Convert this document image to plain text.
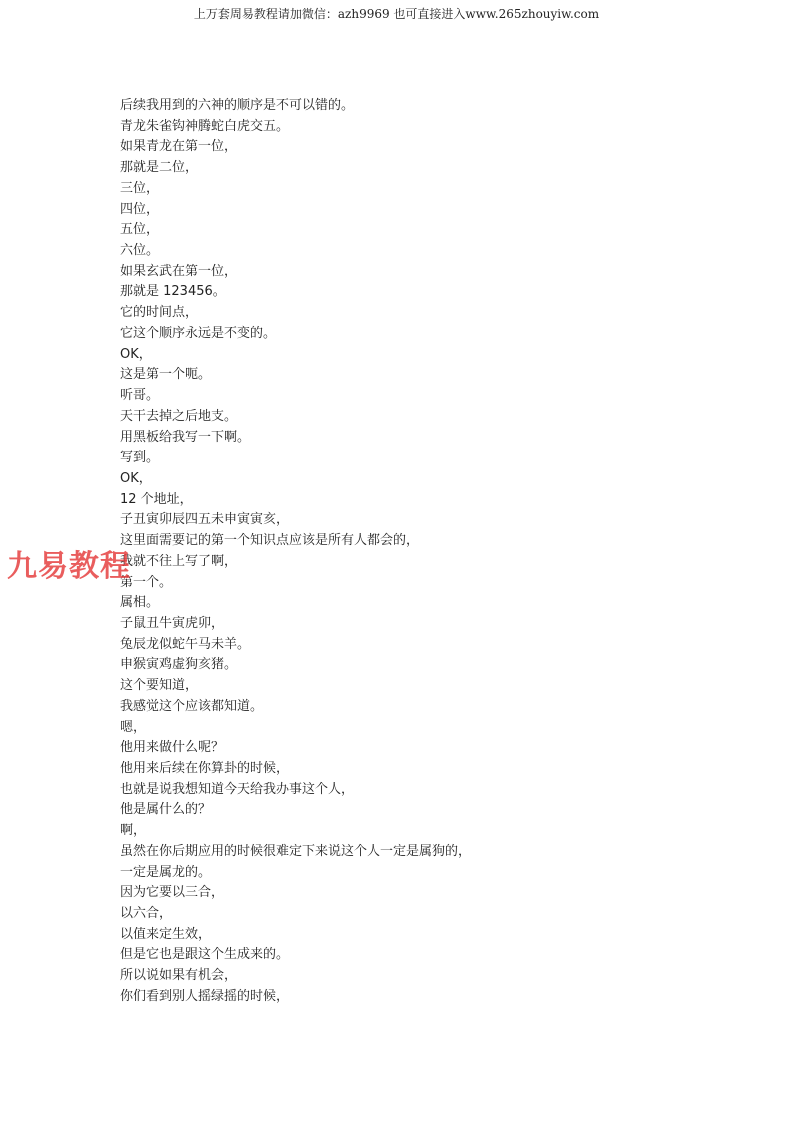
上万套周易教程请加微信：azh9969 也可直接进入www.265zhouyiw.com
后续我用到的六神的顺序是不可以错的。
青龙朱雀钩神腾蛇白虎交五。
如果青龙在第一位，
那就是二位，
三位，
四位，
五位，
六位。
如果玄武在第一位，
那就是 123456。
它的时间点，
它这个顺序永远是不变的。
OK，
这是第一个呃。
听哥。
天干去掉之后地支。
用黑板给我写一下啊。
写到。
OK，
12 个地址，
子丑寅卯辰四五未申寅寅亥，
这里面需要记的第一个知识点应该是所有人都会的，
我就不往上写了啊，
第一个。
属相。
子鼠丑牛寅虎卯，
兔辰龙似蛇午马未羊。
申猴寅鸡虚狗亥猪。
这个要知道，
我感觉这个应该都知道。
嗯，
他用来做什么呢？
他用来后续在你算卦的时候，
也就是说我想知道今天给我办事这个人，
他是属什么的？
啊，
虽然在你后期应用的时候很难定下来说这个人一定是属狗的，
一定是属龙的。
因为它要以三合，
以六合，
以值来定生效，
但是它也是跟这个生成来的。
所以说如果有机会，
你们看到别人摇绿摇的时候，
九易教程
